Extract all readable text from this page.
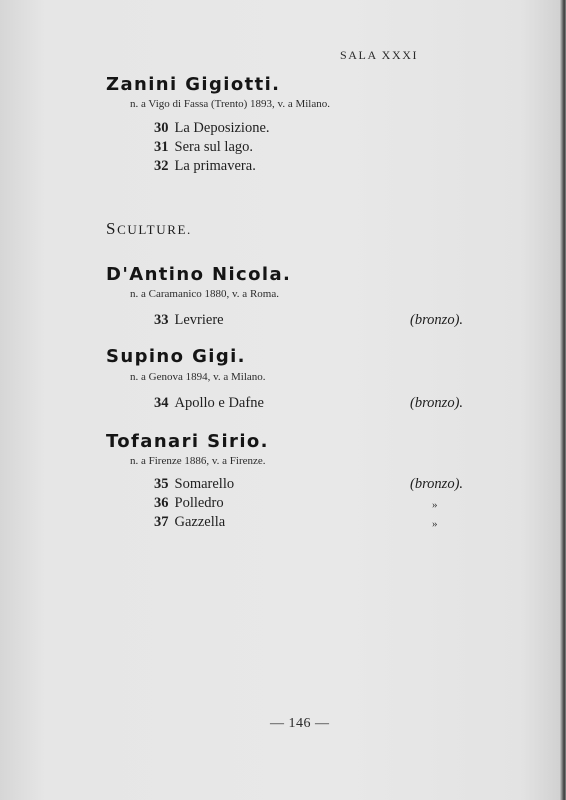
SALA XXXI
Zanini Gigiotti.
n. a Vigo di Fassa (Trento) 1893, v. a Milano.
30 La Deposizione.
31 Sera sul lago.
32 La primavera.
SCULTURE.
D'Antino Nicola.
n. a Caramanico 1880, v. a Roma.
33 Levriere	(bronzo).
Supino Gigi.
n. a Genova 1894, v. a Milano.
34 Apollo e Dafne	(bronzo).
Tofanari Sirio.
n. a Firenze 1886, v. a Firenze.
35 Somarello	(bronzo).
36 Polledro	»
37 Gazzella	»
— 146 —
